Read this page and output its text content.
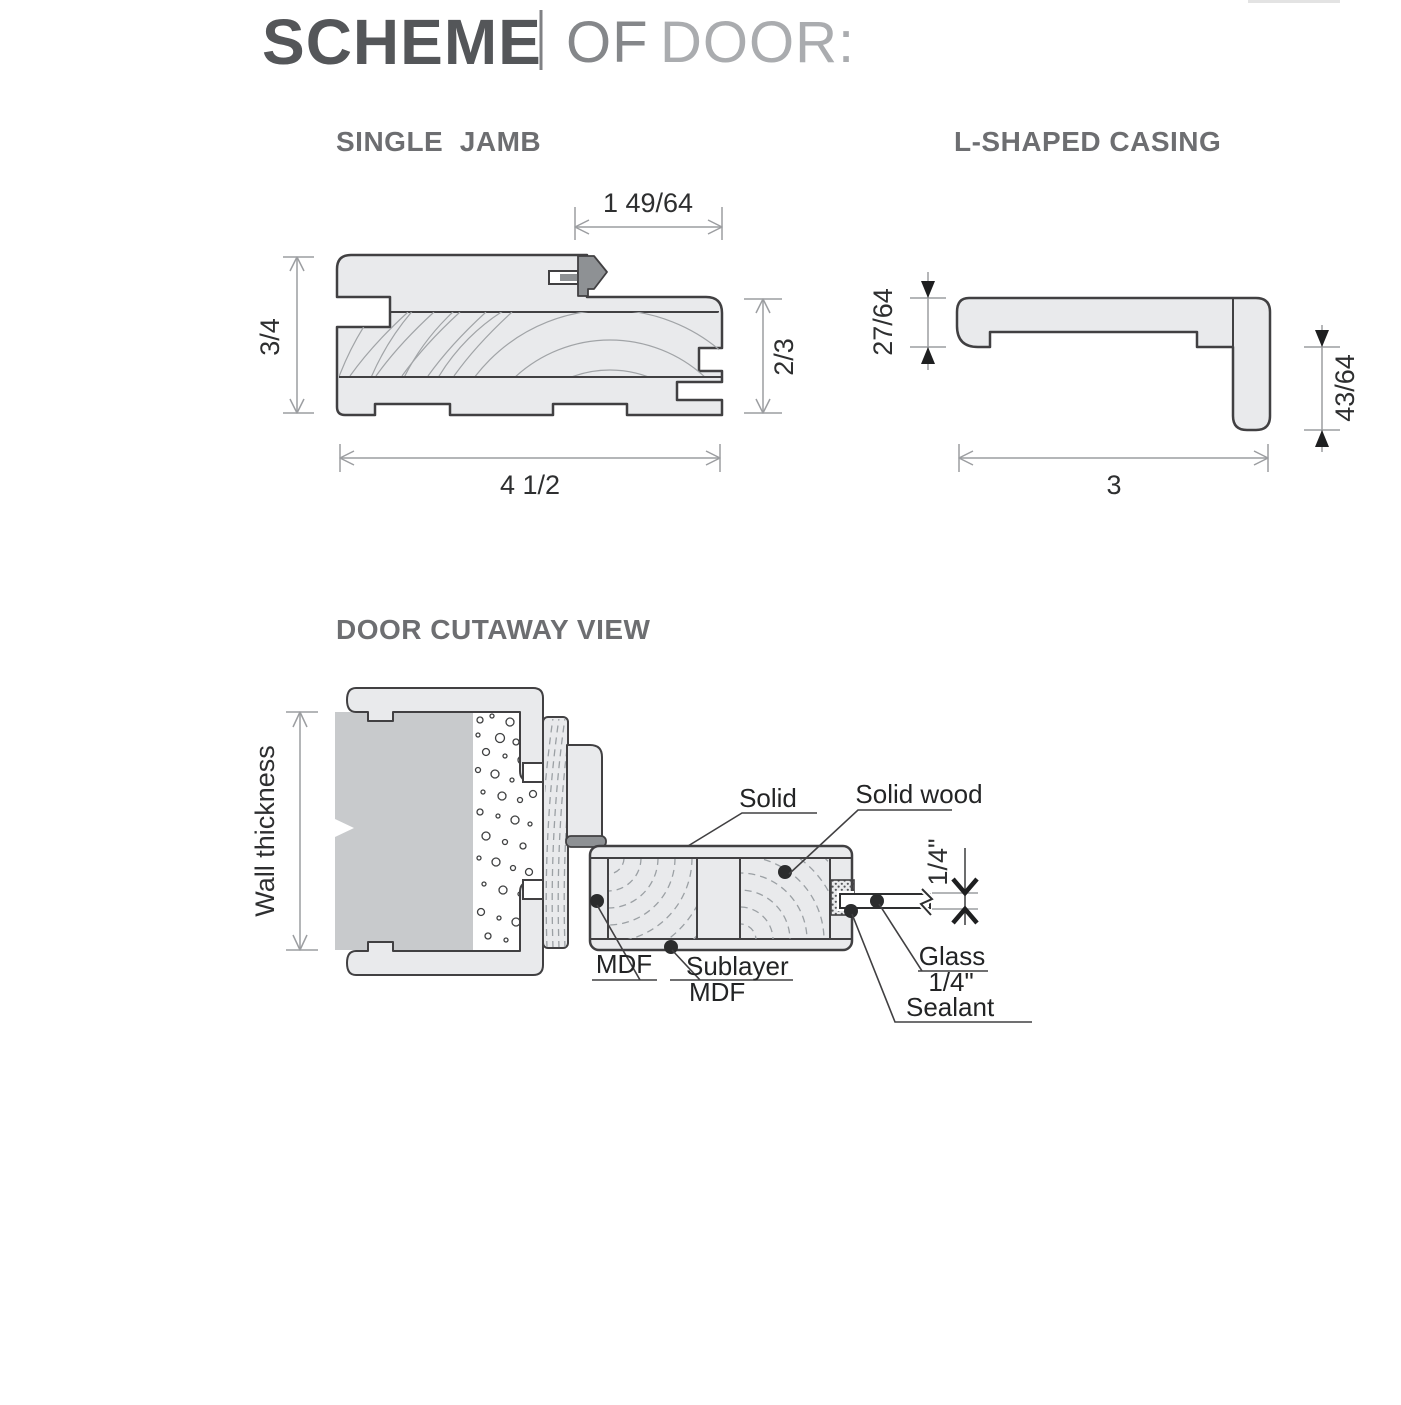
SCHEME OF DOOR:
SINGLE  JAMB
1 49/64
3/4
2/3
4 1/2
L-SHAPED CASING
27/64
43/64
3
DOOR CUTAWAY VIEW
1/4"
Wall thickness	Solid Solid wood
MDF Sublayer
MDF
Glass
1/4"
Sealant
